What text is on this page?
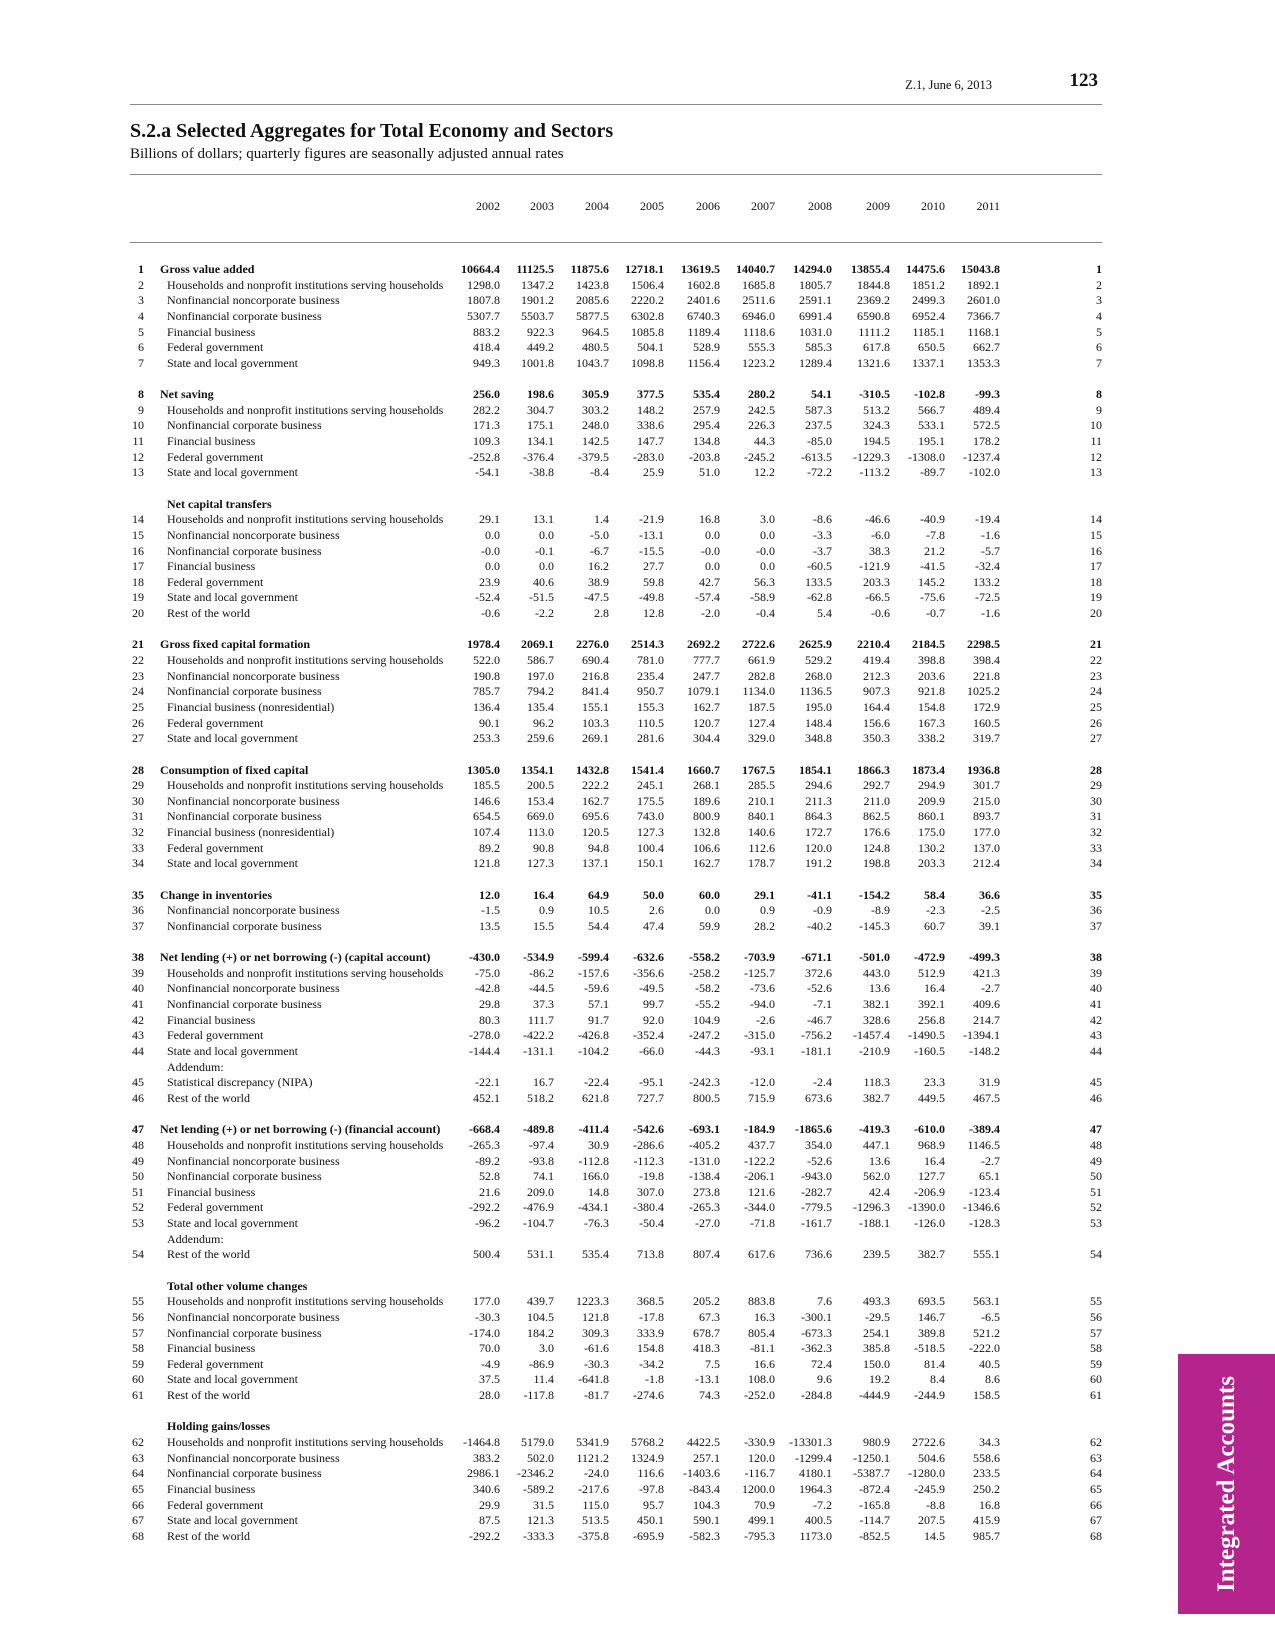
Z.1, June 6, 2013	123
S.2.a Selected Aggregates for Total Economy and Sectors
Billions of dollars; quarterly figures are seasonally adjusted annual rates
2002	2003	2004	2005	2006	2007	2008	2009	2010	2011
1 Gross value added	10664.4	11125.5	11875.6	12718.1	13619.5	14040.7	14294.0	13855.4	14475.6	15043.8	1
2 Households and nonprofit institutions serving households	1298.0	1347.2	1423.8	1506.4	1602.8	1685.8	1805.7	1844.8	1851.2	1892.1	2
3 Nonfinancial noncorporate business	1807.8	1901.2	2085.6	2220.2	2401.6	2511.6	2591.1	2369.2	2499.3	2601.0	3
4 Nonfinancial corporate business	5307.7	5503.7	5877.5	6302.8	6740.3	6946.0	6991.4	6590.8	6952.4	7366.7	4
5 Financial business	883.2	922.3	964.5	1085.8	1189.4	1118.6	1031.0	1111.2	1185.1	1168.1	5
6 Federal government	418.4	449.2	480.5	504.1	528.9	555.3	585.3	617.8	650.5	662.7	6
7 State and local government	949.3	1001.8	1043.7	1098.8	1156.4	1223.2	1289.4	1321.6	1337.1	1353.3	7
8 Net saving	256.0	198.6	305.9	377.5	535.4	280.2	54.1	-310.5	-102.8	-99.3	8
9 Households and nonprofit institutions serving households	282.2	304.7	303.2	148.2	257.9	242.5	587.3	513.2	566.7	489.4	9
10 Nonfinancial corporate business	171.3	175.1	248.0	338.6	295.4	226.3	237.5	324.3	533.1	572.5	10
11 Financial business	109.3	134.1	142.5	147.7	134.8	44.3	-85.0	194.5	195.1	178.2	11
12 Federal government	-252.8	-376.4	-379.5	-283.0	-203.8	-245.2	-613.5	-1229.3	-1308.0	-1237.4	12
13 State and local government	-54.1	-38.8	-8.4	25.9	51.0	12.2	-72.2	-113.2	-89.7	-102.0	13
Net capital transfers
14 Households and nonprofit institutions serving households	29.1	13.1	1.4	-21.9	16.8	3.0	-8.6	-46.6	-40.9	-19.4	14
15 Nonfinancial noncorporate business	0.0	0.0	-5.0	-13.1	0.0	0.0	-3.3	-6.0	-7.8	-1.6	15
16 Nonfinancial corporate business	-0.0	-0.1	-6.7	-15.5	-0.0	-0.0	-3.7	38.3	21.2	-5.7	16
17 Financial business	0.0	0.0	16.2	27.7	0.0	0.0	-60.5	-121.9	-41.5	-32.4	17
18 Federal government	23.9	40.6	38.9	59.8	42.7	56.3	133.5	203.3	145.2	133.2	18
19 State and local government	-52.4	-51.5	-47.5	-49.8	-57.4	-58.9	-62.8	-66.5	-75.6	-72.5	19
20 Rest of the world	-0.6	-2.2	2.8	12.8	-2.0	-0.4	5.4	-0.6	-0.7	-1.6	20
21 Gross fixed capital formation	1978.4	2069.1	2276.0	2514.3	2692.2	2722.6	2625.9	2210.4	2184.5	2298.5	21
22 Households and nonprofit institutions serving households	522.0	586.7	690.4	781.0	777.7	661.9	529.2	419.4	398.8	398.4	22
23 Nonfinancial noncorporate business	190.8	197.0	216.8	235.4	247.7	282.8	268.0	212.3	203.6	221.8	23
24 Nonfinancial corporate business	785.7	794.2	841.4	950.7	1079.1	1134.0	1136.5	907.3	921.8	1025.2	24
25 Financial business (nonresidential)	136.4	135.4	155.1	155.3	162.7	187.5	195.0	164.4	154.8	172.9	25
26 Federal government	90.1	96.2	103.3	110.5	120.7	127.4	148.4	156.6	167.3	160.5	26
27 State and local government	253.3	259.6	269.1	281.6	304.4	329.0	348.8	350.3	338.2	319.7	27
28 Consumption of fixed capital	1305.0	1354.1	1432.8	1541.4	1660.7	1767.5	1854.1	1866.3	1873.4	1936.8	28
29 Households and nonprofit institutions serving households	185.5	200.5	222.2	245.1	268.1	285.5	294.6	292.7	294.9	301.7	29
30 Nonfinancial noncorporate business	146.6	153.4	162.7	175.5	189.6	210.1	211.3	211.0	209.9	215.0	30
31 Nonfinancial corporate business	654.5	669.0	695.6	743.0	800.9	840.1	864.3	862.5	860.1	893.7	31
32 Financial business (nonresidential)	107.4	113.0	120.5	127.3	132.8	140.6	172.7	176.6	175.0	177.0	32
33 Federal government	89.2	90.8	94.8	100.4	106.6	112.6	120.0	124.8	130.2	137.0	33
34 State and local government	121.8	127.3	137.1	150.1	162.7	178.7	191.2	198.8	203.3	212.4	34
35 Change in inventories	12.0	16.4	64.9	50.0	60.0	29.1	-41.1	-154.2	58.4	36.6	35
36 Nonfinancial noncorporate business	-1.5	0.9	10.5	2.6	0.0	0.9	-0.9	-8.9	-2.3	-2.5	36
37 Nonfinancial corporate business	13.5	15.5	54.4	47.4	59.9	28.2	-40.2	-145.3	60.7	39.1	37
38 Net lending (+) or net borrowing (-) (capital account)	-430.0	-534.9	-599.4	-632.6	-558.2	-703.9	-671.1	-501.0	-472.9	-499.3	38
39 Households and nonprofit institutions serving households	-75.0	-86.2	-157.6	-356.6	-258.2	-125.7	372.6	443.0	512.9	421.3	39
40 Nonfinancial noncorporate business	-42.8	-44.5	-59.6	-49.5	-58.2	-73.6	-52.6	13.6	16.4	-2.7	40
41 Nonfinancial corporate business	29.8	37.3	57.1	99.7	-55.2	-94.0	-7.1	382.1	392.1	409.6	41
42 Financial business	80.3	111.7	91.7	92.0	104.9	-2.6	-46.7	328.6	256.8	214.7	42
43 Federal government	-278.0	-422.2	-426.8	-352.4	-247.2	-315.0	-756.2	-1457.4	-1490.5	-1394.1	43
44 State and local government	-144.4	-131.1	-104.2	-66.0	-44.3	-93.1	-181.1	-210.9	-160.5	-148.2	44
Addendum:
45 Statistical discrepancy (NIPA)	-22.1	16.7	-22.4	-95.1	-242.3	-12.0	-2.4	118.3	23.3	31.9	45
46 Rest of the world	452.1	518.2	621.8	727.7	800.5	715.9	673.6	382.7	449.5	467.5	46
47 Net lending (+) or net borrowing (-) (financial account)	-668.4	-489.8	-411.4	-542.6	-693.1	-184.9	-1865.6	-419.3	-610.0	-389.4	47
48 Households and nonprofit institutions serving households	-265.3	-97.4	30.9	-286.6	-405.2	437.7	354.0	447.1	968.9	1146.5	48
49 Nonfinancial noncorporate business	-89.2	-93.8	-112.8	-112.3	-131.0	-122.2	-52.6	13.6	16.4	-2.7	49
50 Nonfinancial corporate business	52.8	74.1	166.0	-19.8	-138.4	-206.1	-943.0	562.0	127.7	65.1	50
51 Financial business	21.6	209.0	14.8	307.0	273.8	121.6	-282.7	42.4	-206.9	-123.4	51
52 Federal government	-292.2	-476.9	-434.1	-380.4	-265.3	-344.0	-779.5	-1296.3	-1390.0	-1346.6	52
53 State and local government	-96.2	-104.7	-76.3	-50.4	-27.0	-71.8	-161.7	-188.1	-126.0	-128.3	53
Addendum:
54 Rest of the world	500.4	531.1	535.4	713.8	807.4	617.6	736.6	239.5	382.7	555.1	54
Total other volume changes
55 Households and nonprofit institutions serving households	177.0	439.7	1223.3	368.5	205.2	883.8	7.6	493.3	693.5	563.1	55
56 Nonfinancial noncorporate business	-30.3	104.5	121.8	-17.8	67.3	16.3	-300.1	-29.5	146.7	-6.5	56
57 Nonfinancial corporate business	-174.0	184.2	309.3	333.9	678.7	805.4	-673.3	254.1	389.8	521.2	57
58 Financial business	70.0	3.0	-61.6	154.8	418.3	-81.1	-362.3	385.8	-518.5	-222.0	58
59 Federal government	-4.9	-86.9	-30.3	-34.2	7.5	16.6	72.4	150.0	81.4	40.5	59
60 State and local government	37.5	11.4	-641.8	-1.8	-13.1	108.0	9.6	19.2	8.4	8.6	60
61 Rest of the world	28.0	-117.8	-81.7	-274.6	74.3	-252.0	-284.8	-444.9	-244.9	158.5	61
Holding gains/losses
62 Households and nonprofit institutions serving households	-1464.8	5179.0	5341.9	5768.2	4422.5	-330.9	-13301.3	980.9	2722.6	34.3	62
63 Nonfinancial noncorporate business	383.2	502.0	1121.2	1324.9	257.1	120.0	-1299.4	-1250.1	504.6	558.6	63
64 Nonfinancial corporate business	2986.1	-2346.2	-24.0	116.6	-1403.6	-116.7	4180.1	-5387.7	-1280.0	233.5	64
65 Financial business	340.6	-589.2	-217.6	-97.8	-843.4	1200.0	1964.3	-872.4	-245.9	250.2	65
66 Federal government	29.9	31.5	115.0	95.7	104.3	70.9	-7.2	-165.8	-8.8	16.8	66
67 State and local government	87.5	121.3	513.5	450.1	590.1	499.1	400.5	-114.7	207.5	415.9	67
68 Rest of the world	-292.2	-333.3	-375.8	-695.9	-582.3	-795.3	1173.0	-852.5	14.5	985.7	68	Integrated Accounts
